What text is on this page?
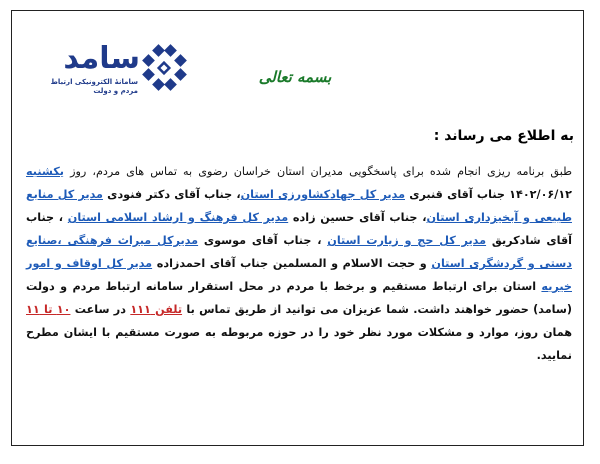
سامد
سامانهٔ الکترونیکی ارتباط مردم و دولت
بسمه تعالی
به اطلاع می رساند :
طبق برنامه ریزی انجام شده برای پاسخگویی مدیران استان خراسان رضوی به تماس های مردم، روز یکشنبه ۱۴۰۲/۰۶/۱۲ جناب آقای قنبری مدیر کل جهادکشاورزی استان، جناب آقای دکتر فنودی مدیر کل منابع طبیعی و آبخیزداری استان، جناب آقای حسین زاده مدیر کل فرهنگ و ارشاد اسلامی استان ، جناب آقای شادکریق مدیر کل حج و زیارت استان ، جناب آقای موسوی مدیرکل میراث فرهنگی ،صنایع دستی و گردشگری استان و حجت الاسلام و المسلمین جناب آقای احمدزاده مدیر کل اوقاف و امور خیریه استان برای ارتباط مستقیم و برخط با مردم در محل استقرار سامانه ارتباط مردم و دولت (سامد) حضور خواهند داشت. شما عزیزان می توانید از طریق تماس با تلفن ۱۱۱ در ساعت ۱۰ تا ۱۱ همان روز، موارد و مشکلات مورد نظر خود را در حوزه مربوطه به صورت مستقیم با ایشان مطرح نمایید.
